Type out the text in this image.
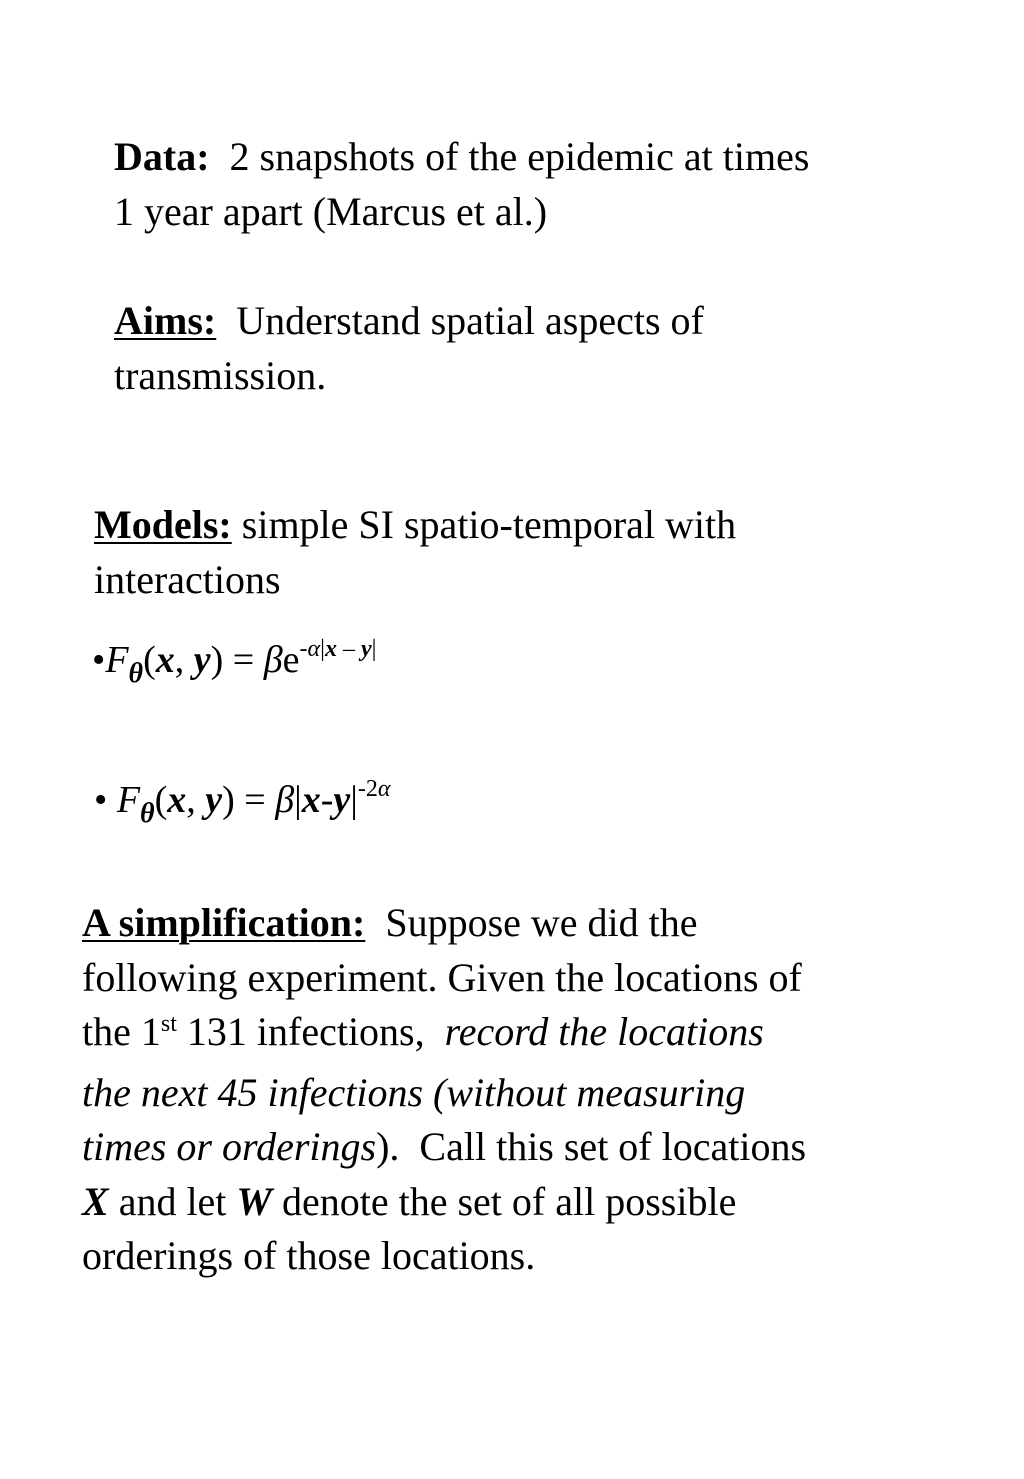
Data: 2 snapshots of the epidemic at times
1 year apart (Marcus et al.)
Aims: Understand spatial aspects of
transmission.
Models: simple SI spatio-temporal with
interactions
$•F_\theta(x$, $y) = \beta e^{-\alpha|x - y|}$
• $F_\theta(x$, $y) = \beta|x-y|^{-2\alpha}$
A simplification: Suppose we did the
following experiment. Given the locations of
the 1st 131 infections,  record the locations
the next 45 infections (without measuring
times or orderings).  Call this set of locations
X and let W denote the set of all possible
orderings of those locations.
